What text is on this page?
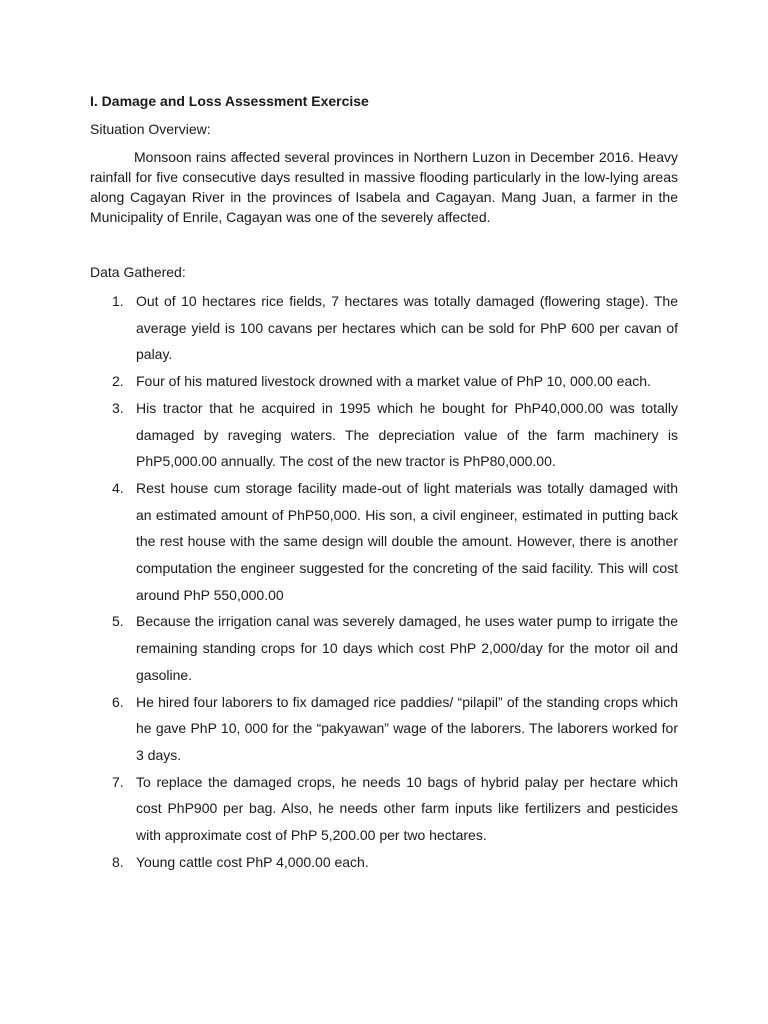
I. Damage and Loss Assessment Exercise

Situation Overview:

Monsoon rains affected several provinces in Northern Luzon in December 2016. Heavy rainfall for five consecutive days resulted in massive flooding particularly in the low-lying areas along Cagayan River in the provinces of Isabela and Cagayan. Mang Juan, a farmer in the Municipality of Enrile, Cagayan was one of the severely affected.

Data Gathered:

1. Out of 10 hectares rice fields, 7 hectares was totally damaged (flowering stage). The average yield is 100 cavans per hectares which can be sold for PhP 600 per cavan of palay.
2. Four of his matured livestock drowned with a market value of PhP 10, 000.00 each.
3. His tractor that he acquired in 1995 which he bought for PhP40,000.00 was totally damaged by raveging waters. The depreciation value of the farm machinery is PhP5,000.00 annually. The cost of the new tractor is PhP80,000.00.
4. Rest house cum storage facility made-out of light materials was totally damaged with an estimated amount of PhP50,000. His son, a civil engineer, estimated in putting back the rest house with the same design will double the amount. However, there is another computation the engineer suggested for the concreting of the said facility. This will cost around PhP 550,000.00
5. Because the irrigation canal was severely damaged, he uses water pump to irrigate the remaining standing crops for 10 days which cost PhP 2,000/day for the motor oil and gasoline.
6. He hired four laborers to fix damaged rice paddies/ “pilapil” of the standing crops which he gave PhP 10, 000 for the “pakyawan” wage of the laborers. The laborers worked for 3 days.
7. To replace the damaged crops, he needs 10 bags of hybrid palay per hectare which cost PhP900 per bag. Also, he needs other farm inputs like fertilizers and pesticides with approximate cost of PhP 5,200.00 per two hectares.
8. Young cattle cost PhP 4,000.00 each.
